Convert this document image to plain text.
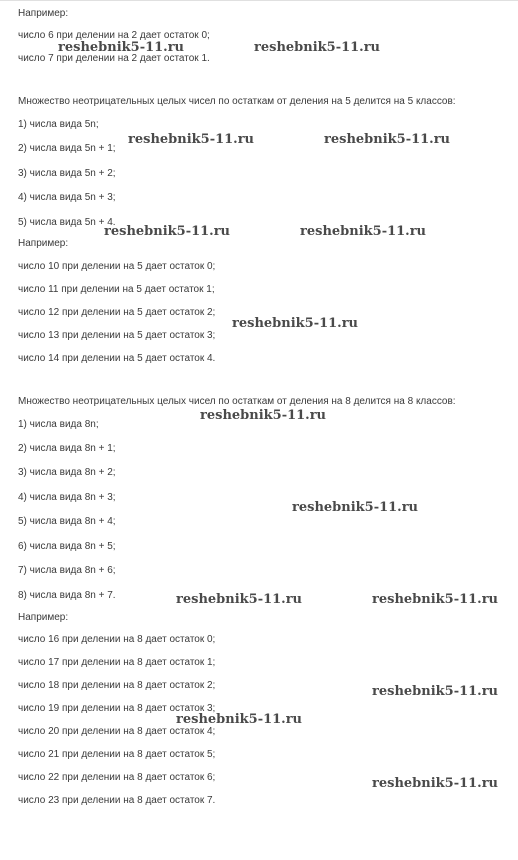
Например:
число 6 при делении на 2 дает остаток 0;
число 7 при делении на 2 дает остаток 1.
Множество неотрицательных целых чисел по остаткам от деления на 5 делится на 5 классов:
1) числа вида 5n;
2) числа вида 5n + 1;
3) числа вида 5n + 2;
4) числа вида 5n + 3;
5) числа вида 5n + 4.
Например:
число 10 при делении на 5 дает остаток 0;
число 11 при делении на 5 дает остаток 1;
число 12 при делении на 5 дает остаток 2;
число 13 при делении на 5 дает остаток 3;
число 14 при делении на 5 дает остаток 4.
Множество неотрицательных целых чисел по остаткам от деления на 8 делится на 8 классов:
1) числа вида 8n;
2) числа вида 8n + 1;
3) числа вида 8n + 2;
4) числа вида 8n + 3;
5) числа вида 8n + 4;
6) числа вида 8n + 5;
7) числа вида 8n + 6;
8) числа вида 8n + 7.
Например:
число 16 при делении на 8 дает остаток 0;
число 17 при делении на 8 дает остаток 1;
число 18 при делении на 8 дает остаток 2;
число 19 при делении на 8 дает остаток 3;
число 20 при делении на 8 дает остаток 4;
число 21 при делении на 8 дает остаток 5;
число 22 при делении на 8 дает остаток 6;
число 23 при делении на 8 дает остаток 7.
reshebnik5-11.ru	reshebnik5-11.ru
reshebnik5-11.ru	reshebnik5-11.ru
reshebnik5-11.ru	reshebnik5-11.ru
reshebnik5-11.ru
reshebnik5-11.ru
reshebnik5-11.ru
reshebnik5-11.ru	reshebnik5-11.ru
reshebnik5-11.ru
reshebnik5-11.ru
reshebnik5-11.ru
